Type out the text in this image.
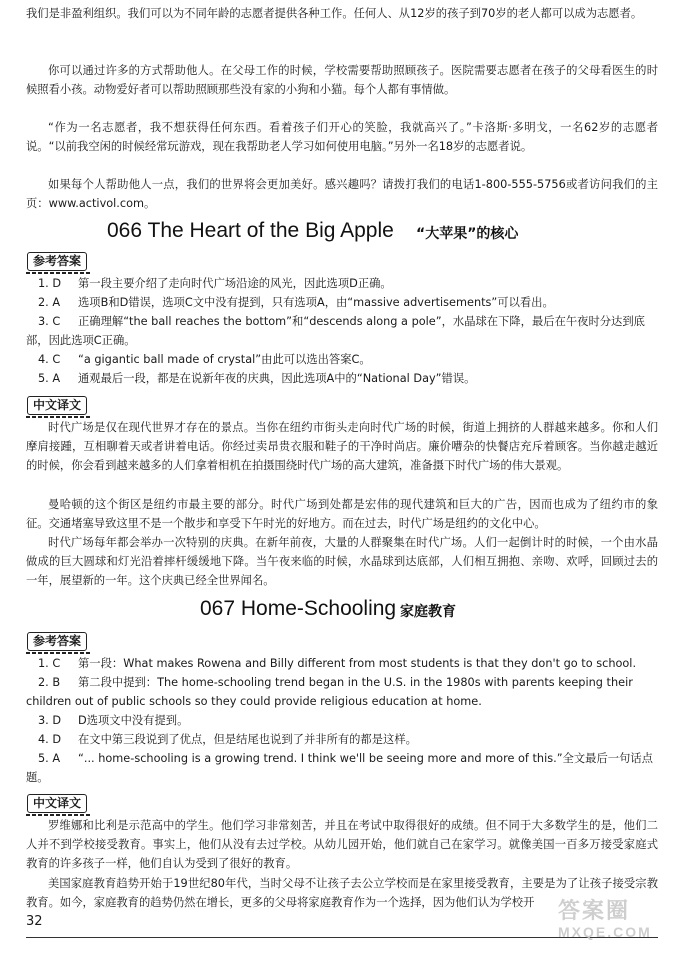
我们是非盈利组织。我们可以为不同年龄的志愿者提供各种工作。任何人、从12岁的孩子到70岁的老人都可以成为志愿者。

你可以通过许多的方式帮助他人。在父母工作的时候，学校需要帮助照顾孩子。医院需要志愿者在孩子的父母看医生的时候照看小孩。动物爱好者可以帮助照顾那些没有家的小狗和小猫。每个人都有事情做。

“作为一名志愿者，我不想获得任何东西。看着孩子们开心的笑脸，我就高兴了。”卡洛斯·多明戈，一名62岁的志愿者说。“以前我空闲的时候经常玩游戏，现在我帮助老人学习如何使用电脑。”另外一名18岁的志愿者说。

如果每个人帮助他人一点，我们的世界将会更加美好。感兴趣吗？请拨打我们的电话1-800-555-5756或者访问我们的主页：www.activol.com。

066 The Heart of the Big Apple “大苹果”的核心
参考答案
1. D 第一段主要介绍了走向时代广场沿途的风光，因此选项D正确。
2. A 选项B和D错误，选项C文中没有提到，只有选项A，由“massive advertisements”可以看出。
3. C 正确理解“the ball reaches the bottom”和“descends along a pole”，水晶球在下降，最后在午夜时分达到底部，因此选项C正确。
4. C “a gigantic ball made of crystal”由此可以选出答案C。
5. A 通观最后一段，都是在说新年夜的庆典，因此选项A中的“National Day”错误。
中文译文

时代广场是仅在现代世界才存在的景点。当你在纽约市街头走向时代广场的时候，街道上拥挤的人群越来越多。你和人们摩肩接踵，互相聊着天或者讲着电话。你经过卖昂贵衣服和鞋子的干净时尚店。廉价嘈杂的快餐店充斥着顾客。当你越走越近的时候，你会看到越来越多的人们拿着相机在拍摄围绕时代广场的高大建筑，准备摄下时代广场的伟大景观。

曼哈顿的这个街区是纽约市最主要的部分。时代广场到处都是宏伟的现代建筑和巨大的广告，因而也成为了纽约市的象征。交通堵塞导致这里不是一个散步和享受下午时光的好地方。而在过去，时代广场是纽约的文化中心。

时代广场每年都会举办一次特别的庆典。在新年前夜，大量的人群聚集在时代广场。人们一起倒计时的时候，一个由水晶做成的巨大圆球和灯光沿着摔杆缓缓地下降。当午夜来临的时候，水晶球到达底部，人们相互拥抱、亲吻、欢呼，回顾过去的一年，展望新的一年。这个庆典已经全世界闻名。

067 Home-Schooling 家庭教育
参考答案
1. C 第一段：What makes Rowena and Billy different from most students is that they don't go to school.
2. B 第二段中提到：The home-schooling trend began in the U.S. in the 1980s with parents keeping their children out of public schools so they could provide religious education at home.
3. D D选项文中没有提到。
4. D 在文中第三段说到了优点，但是结尾也说到了并非所有的都是这样。
5. A “... home-schooling is a growing trend. I think we'll be seeing more and more of this.”全文最后一句话点题。
中文译文

罗维娜和比利是示范高中的学生。他们学习非常刻苦，并且在考试中取得很好的成绩。但不同于大多数学生的是，他们二人并不到学校接受教育。事实上，他们从没有去过学校。从幼儿园开始，他们就自己在家学习。就像美国一百多万接受家庭式教育的许多孩子一样，他们自认为受到了很好的教育。

美国家庭教育趋势开始于19世纪80年代，当时父母不让孩子去公立学校而是在家里接受教育，主要是为了让孩子接受宗教教育。如今，家庭教育的趋势仍然在增长，更多的父母将家庭教育作为一个选择，因为他们认为学校开

32	答案圈
MXQE.COM
